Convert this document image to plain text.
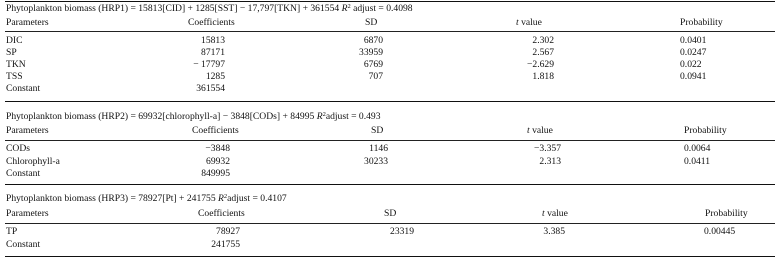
Phytoplankton biomass (HRP1) = 15813[CID] + 1285[SST] − 17,797[TKN] + 361554 $R^2$ adjust = 0.4098
Parameters	Coefficients	SD	t value	Probability
DIC	15813	6870	2.302	0.0401
SP	87171	33959	2.567	0.0247
TKN	− 17797	6769	−2.629	0.022
TSS	1285	707	1.818	0.0941
Constant	361554
Phytoplankton biomass (HRP2) = 69932[chlorophyll-a] − 3848[CODs] + 84995 $R^2adjust = 0.493$
Parameters	Coefficients	SD	t value	Probability
CODs	−3848	1146	−3.357	0.0064
Chlorophyll-a	69932	30233	2.313	0.0411
Constant	849995
Phytoplankton biomass (HRP3) = 78927[Pt] + 241755 $R^2adjust = 0.4107$
Parameters	Coefficients	SD	t value	Probability
TP	78927	23319	3.385	0.00445
Constant	241755
